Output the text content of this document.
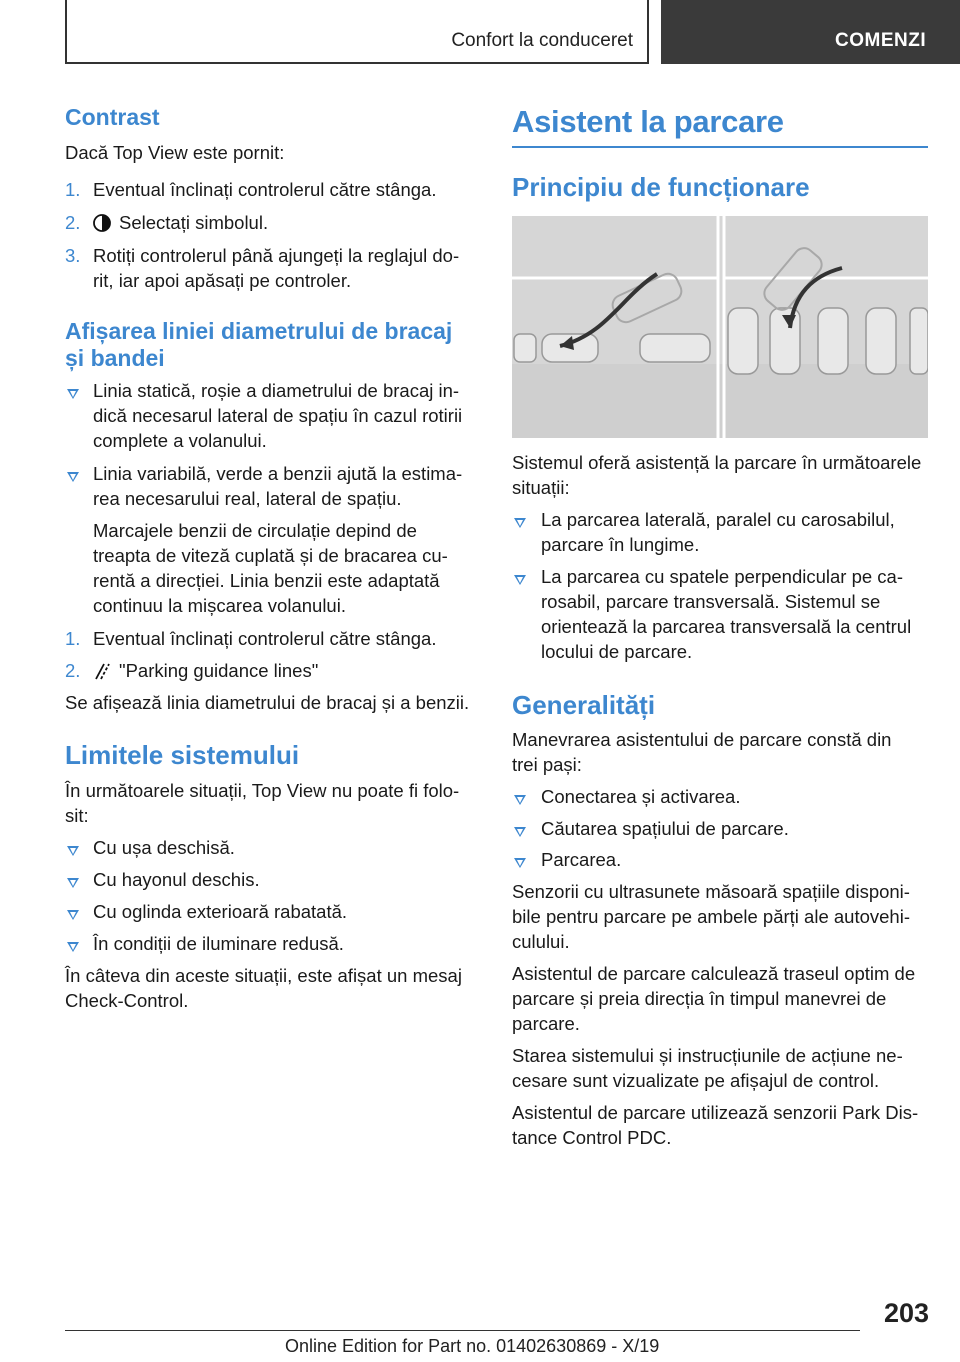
Confort la conduceret	COMENZI
Contrast

Dacă Top View este pornit:

1. Eventual înclinați controlerul către stânga.

2.	Selectați simbolul.

3. Rotiți controlerul până ajungeți la reglajul do‐

rit, iar apoi apăsați pe controler.

Afișarea liniei diametrului de bracaj
și bandei

Linia statică, roșie a diametrului de bracaj in‐

dică necesarul lateral de spațiu în cazul rotirii

complete a volanului.

Linia variabilă, verde a benzii ajută la estima‐

rea necesarului real, lateral de spațiu.

Marcajele benzii de circulație depind de

treapta de viteză cuplată și de bracarea cu‐

rentă a direcției. Linia benzii este adaptată

continuu la mișcarea volanului.

1. Eventual înclinați controlerul către stânga.

2.	"Parking guidance lines"

Se afișează linia diametrului de bracaj și a benzii.

Limitele sistemului

În următoarele situații, Top View nu poate fi folo‐

sit:

Cu ușa deschisă.

Cu hayonul deschis.

Cu oglinda exterioară rabatată.

În condiții de iluminare redusă.

În câteva din aceste situații, este afișat un mesaj

Check-Control.

Asistent la parcare
Principiu de funcționare

Sistemul oferă asistență la parcare în următoarele

situații:

La parcarea laterală, paralel cu carosabilul,

parcare în lungime.

La parcarea cu spatele perpendicular pe ca‐

rosabil, parcare transversală. Sistemul se

orientează la parcarea transversală la centrul

locului de parcare.

Generalități

Manevrarea asistentului de parcare constă din

trei pași:

Conectarea și activarea.

Căutarea spațiului de parcare.

Parcarea.

Senzorii cu ultrasunete măsoară spațiile disponi‐

bile pentru parcare pe ambele părți ale autovehi‐

culului.

Asistentul de parcare calculează traseul optim de

parcare și preia direcția în timpul manevrei de

parcare.

Starea sistemului și instrucțiunile de acțiune ne‐

cesare sunt vizualizate pe afișajul de control.

Asistentul de parcare utilizează senzorii Park Dis‐

tance Control PDC.

203
Online Edition for Part no. 01402630869 - X/19
